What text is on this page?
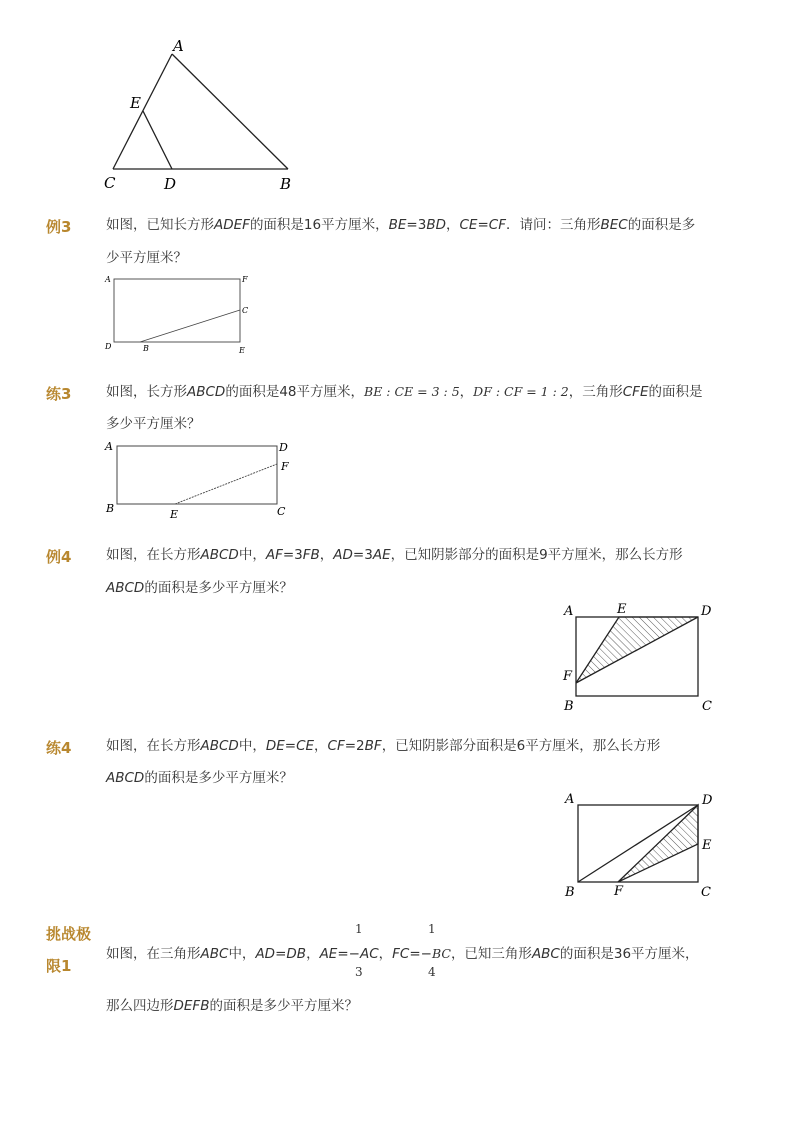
A
E
C	D	B
例3	如图，已知长方形ADEF的面积是16平方厘米，BE=3BD，CE=CF．请问：三角形BEC的面积是多
少平方厘米？
A	F
C
D	B	E
练3	如图，长方形ABCD的面积是48平方厘米，BE : CE = 3 : 5，DF : CF = 1 : 2，三角形CFE的面积是
多少平方厘米？
A	D
F
B	E	C
例4	如图，在长方形ABCD中，AF=3FB，AD=3AE，已知阴影部分的面积是9平方厘米，那么长方形
ABCD的面积是多少平方厘米？
A	E	D
F
B	C
练4	如图，在长方形ABCD中，DE=CE，CF=2BF，已知阴影部分面积是6平方厘米，那么长方形
ABCD的面积是多少平方厘米？
A	D
E
B	F	C
挑战极
限1
1	1
3	4
如图，在三角形ABC中，AD=DB，AE=−AC，FC=−BC，已知三角形ABC的面积是36平方厘米，
那么四边形DEFB的面积是多少平方厘米？
